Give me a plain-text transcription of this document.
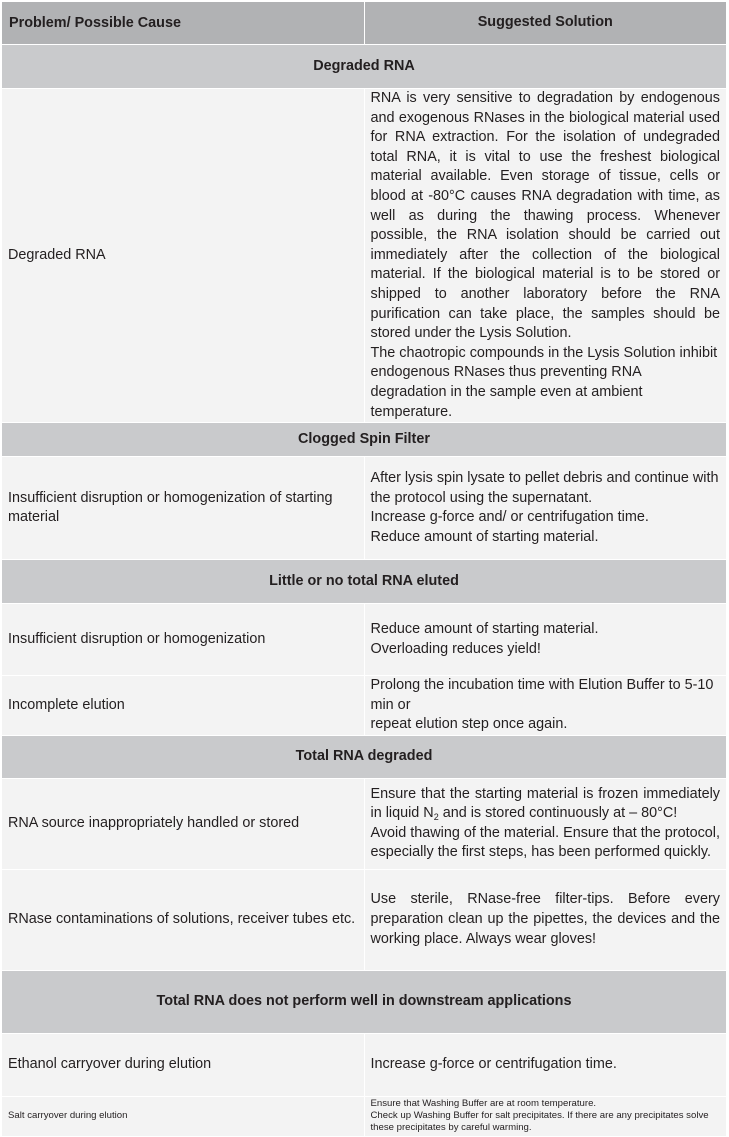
Problem/ Possible Cause	Suggested Solution
Degraded RNA	
Degraded RNA	RNA is very sensitive to degradation by endogenous and exogenous RNases in the biological material used for RNA extraction. For the isolation of undegraded total RNA, it is vital to use the freshest biological material available. Even storage of tissue, cells or blood at -80°C causes RNA degradation with time, as well as during the thawing process. Whenever possible, the RNA isolation should be carried out immediately after the collection of the biological material. If the biological material is to be stored or shipped to another laboratory before the RNA purification can take place, the samples should be stored under the Lysis Solution.
The chaotropic compounds in the Lysis Solution inhibit endogenous RNases thus preventing RNA degradation in the sample even at ambient temperature.

Clogged Spin Filter	
Insufficient disruption or homogenization of starting material	After lysis spin lysate to pellet debris and continue with the protocol using the supernatant.
Increase g-force and/ or centrifugation time.
Reduce amount of starting material.

Little or no total RNA eluted	
Insufficient disruption or homogenization	Reduce amount of starting material.
Overloading reduces yield!

Incomplete elution	Prolong the incubation time with Elution Buffer to 5-10 min or
repeat elution step once again.

Total RNA degraded	
RNA source inappropriately handled or stored	Ensure that the starting material is frozen immediately in liquid $N_2$ and is stored continuously at – 80°C!
Avoid thawing of the material. Ensure that the protocol, especially the first steps, has been performed quickly.

RNase contaminations of solutions, receiver tubes etc.	Use sterile, RNase-free filter-tips. Before every preparation clean up the pipettes, the devices and the working place. Always wear gloves!

Total RNA does not perform well in downstream applications	
Ethanol carryover during elution	Increase g-force or centrifugation time.

Salt carryover during elution	Ensure that Washing Buffer are at room temperature.
Check up Washing Buffer for salt precipitates. If there are any precipitates solve these precipitates by careful warming.
